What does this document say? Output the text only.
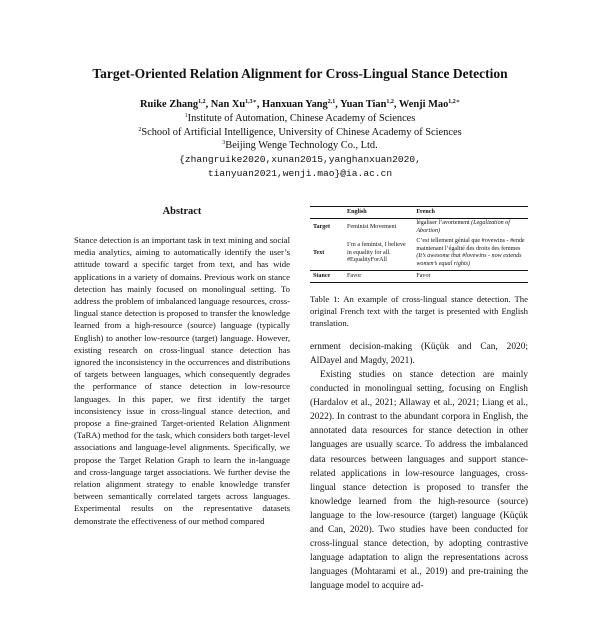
Target-Oriented Relation Alignment for Cross-Lingual Stance Detection
Ruike Zhang$^{1,2}$, Nan $Xu^{1,3∗}$, Hanxuan Yang$^{2,1}$, Yuan Tian$^{1,2}$, Wenji Mao$^{1,2∗}$
$^1$Institute of Automation, Chinese Academy of Sciences
$^2$School of Artificial Intelligence, University of Chinese Academy of Sciences
$^3$Beijing Wenge Technology Co., Ltd.
{zhangruike2020,xunan2015,yanghanxuan2020,
tianyuan2021,wenji.mao}@ia.ac.cn
Abstract
Stance detection is an important task in text mining and social media analytics, aiming to automatically identify the user’s attitude toward a specific target from text, and has wide applications in a variety of domains. Previous work on stance detection has mainly focused on monolingual setting. To address the problem of imbalanced language resources, cross-lingual stance detection is proposed to transfer the knowledge learned from a high-resource (source) language (typically English) to another low-resource (target) language. However, existing research on cross-lingual stance detection has ignored the inconsistency in the occurrences and distributions of targets between languages, which consequently degrades the performance of stance detection in low-resource languages. In this paper, we first identify the target inconsistency issue in cross-lingual stance detection, and propose a fine-grained Target-oriented Relation Alignment (TaRA) method for the task, which considers both target-level associations and language-level alignments. Specifically, we propose the Target Relation Graph to learn the in-language and cross-language target associations. We further devise the relation alignment strategy to enable knowledge transfer between semantically correlated targets across languages. Experimental results on the representative datasets demonstrate the effectiveness of our method compared
	English	French
Target	Feminist Movement	légaliser l’avortement (Legalization of Abortion)
Text	I’m a feminist, I believe in equality for all. #EqualityForAll	C’est tellement génial que #ovewins - #ende maintenant l’égalité des droits des femmes (It’s awesome that #lovewins - now extends women’s equal rights)
Stance	Favor	Favor
Table 1: An example of cross-lingual stance detection. The original French text with the target is presented with English translation.

ernment decision-making (Küçük and Can, 2020; AlDayel and Magdy, 2021).

Existing studies on stance detection are mainly conducted in monolingual setting, focusing on English (Hardalov et al., 2021; Allaway et al., 2021; Liang et al., 2022). In contrast to the abundant corpora in English, the annotated data resources for stance detection in other languages are usually scarce. To address the imbalanced data resources between languages and support stance-related applications in low-resource languages, cross-lingual stance detection is proposed to transfer the knowledge learned from the high-resource (source) language to the low-resource (target) language (Küçük and Can, 2020). Two studies have been conducted for cross-lingual stance detection, by adopting contrastive language adaptation to align the representations across languages (Mohtarami et al., 2019) and pre-training the language model to acquire ad-
